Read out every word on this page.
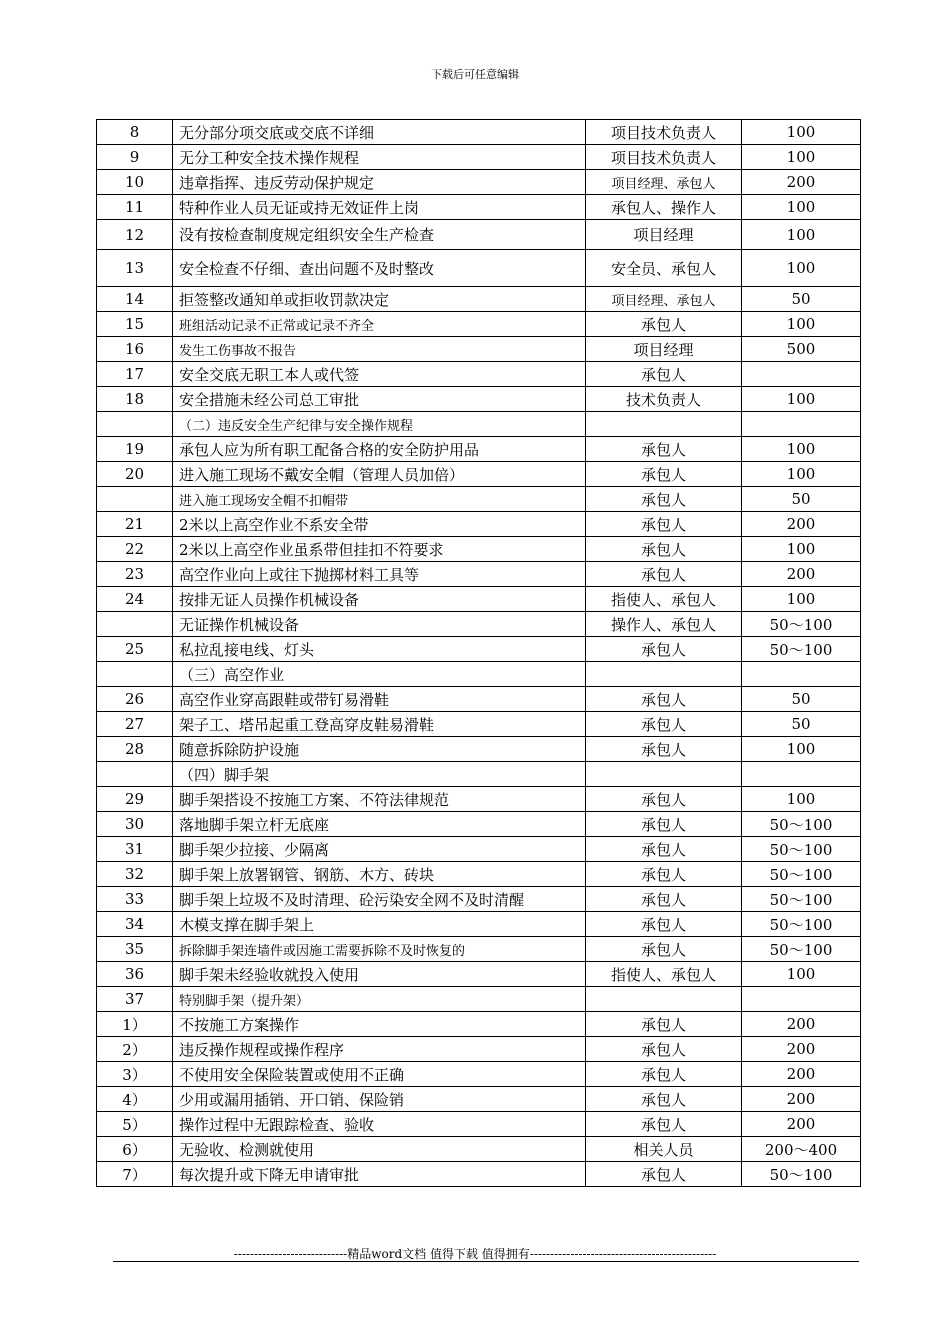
下载后可任意编辑
8	无分部分项交底或交底不详细	项目技术负责人	100
9	无分工种安全技术操作规程	项目技术负责人	100
10	违章指挥、违反劳动保护规定	项目经理、承包人	200
11	特种作业人员无证或持无效证件上岗	承包人、操作人	100
12	没有按检查制度规定组织安全生产检查	项目经理	100
13	安全检查不仔细、查出问题不及时整改	安全员、承包人	100
14	拒签整改通知单或拒收罚款决定	项目经理、承包人	50
15	班组活动记录不正常或记录不齐全	承包人	100
16	发生工伤事故不报告	项目经理	500
17	安全交底无职工本人或代签	承包人	
18	安全措施未经公司总工审批	技术负责人	100
	（二）违反安全生产纪律与安全操作规程		
19	承包人应为所有职工配备合格的安全防护用品	承包人	100
20	进入施工现场不戴安全帽（管理人员加倍）	承包人	100
	进入施工现场安全帽不扣帽带	承包人	50
21	2米以上高空作业不系安全带	承包人	200
22	2米以上高空作业虽系带但挂扣不符要求	承包人	100
23	高空作业向上或往下抛掷材料工具等	承包人	200
24	按排无证人员操作机械设备	指使人、承包人	100
	无证操作机械设备	操作人、承包人	50～100
25	私拉乱接电线、灯头	承包人	50～100
	（三）高空作业		
26	高空作业穿高跟鞋或带钉易滑鞋	承包人	50
27	架子工、塔吊起重工登高穿皮鞋易滑鞋	承包人	50
28	随意拆除防护设施	承包人	100
	（四）脚手架		
29	脚手架搭设不按施工方案、不符法律规范	承包人	100
30	落地脚手架立杆无底座	承包人	50～100
31	脚手架少拉接、少隔离	承包人	50～100
32	脚手架上放署钢管、钢筋、木方、砖块	承包人	50～100
33	脚手架上垃圾不及时清理、砼污染安全网不及时清醒	承包人	50～100
34	木模支撑在脚手架上	承包人	50～100
35	拆除脚手架连墙件或因施工需要拆除不及时恢复的	承包人	50～100
36	脚手架未经验收就投入使用	指使人、承包人	100
37	特别脚手架（提升架）		
1）	不按施工方案操作	承包人	200
2）	违反操作规程或操作程序	承包人	200
3）	不使用安全保险装置或使用不正确	承包人	200
4）	少用或漏用插销、开口销、保险销	承包人	200
5）	操作过程中无跟踪检查、验收	承包人	200
6）	无验收、检测就使用	相关人员	200～400
7）	每次提升或下降无申请审批	承包人	50～100
----------------------------精品word文档 值得下载 值得拥有----------------------------------------------
